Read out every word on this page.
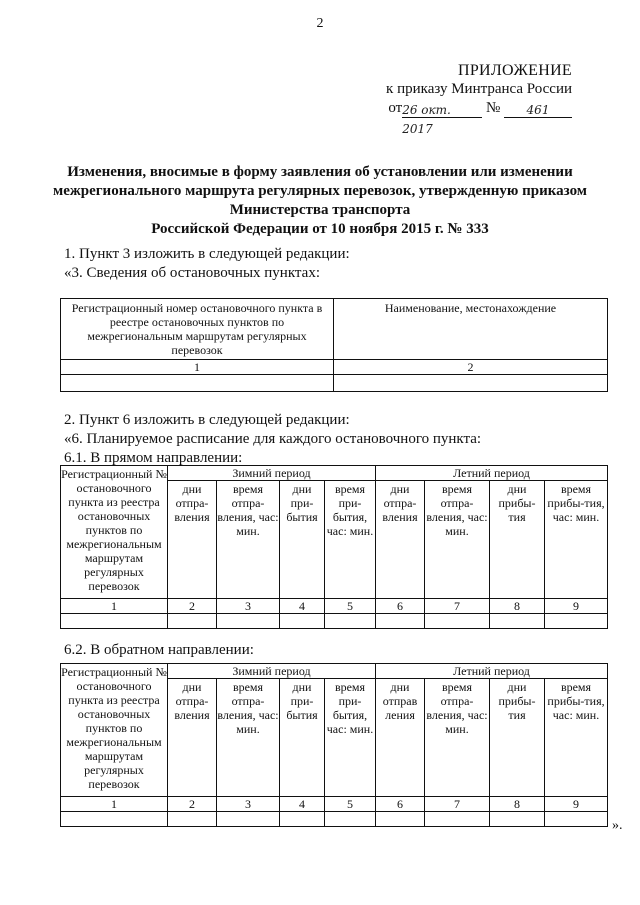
2
ПРИЛОЖЕНИЕ
к приказу Минтранса России
от26 окт. 2017 № 461
Изменения, вносимые в форму заявления об установлении или изменении
межрегионального маршрута регулярных перевозок, утвержденную приказом
Министерства транспорта
Российской Федерации от 10 ноября 2015 г. № 333
1. Пункт 3 изложить в следующей редакции:
«3. Сведения об остановочных пунктах:
Регистрационный номер остановочного пункта в реестре остановочных пунктов по межрегиональным маршрутам регулярных перевозок	Наименование, местонахождение
1	2

2. Пункт 6 изложить в следующей редакции:
«6. Планируемое расписание для каждого остановочного пункта:
6.1. В прямом направлении:
Регистрационный № остановочного пункта из реестра остановочных пунктов по межрегиональным маршрутам регулярных перевозок	Зимний период				Летний период			
	дни отпра-вления	время отпра-вления, час: мин.	дни при-бытия	время при-бытия, час: мин.	дни отпра-вления	время отпра-вления, час: мин.	дни прибы-тия	время прибы-тия, час: мин.
1	2	3	4	5	6	7	8	9

6.2. В обратном направлении:
Регистрационный № остановочного пункта из реестра остановочных пунктов по межрегиональным маршрутам регулярных перевозок	Зимний период				Летний период			
	дни отпра-вления	время отпра-вления, час: мин.	дни при-бытия	время при-бытия, час: мин.	дни отправ ления	время отпра-вления, час: мин.	дни прибы-тия	время прибы-тия, час: мин.
1	2	3	4	5	6	7	8	9

».
